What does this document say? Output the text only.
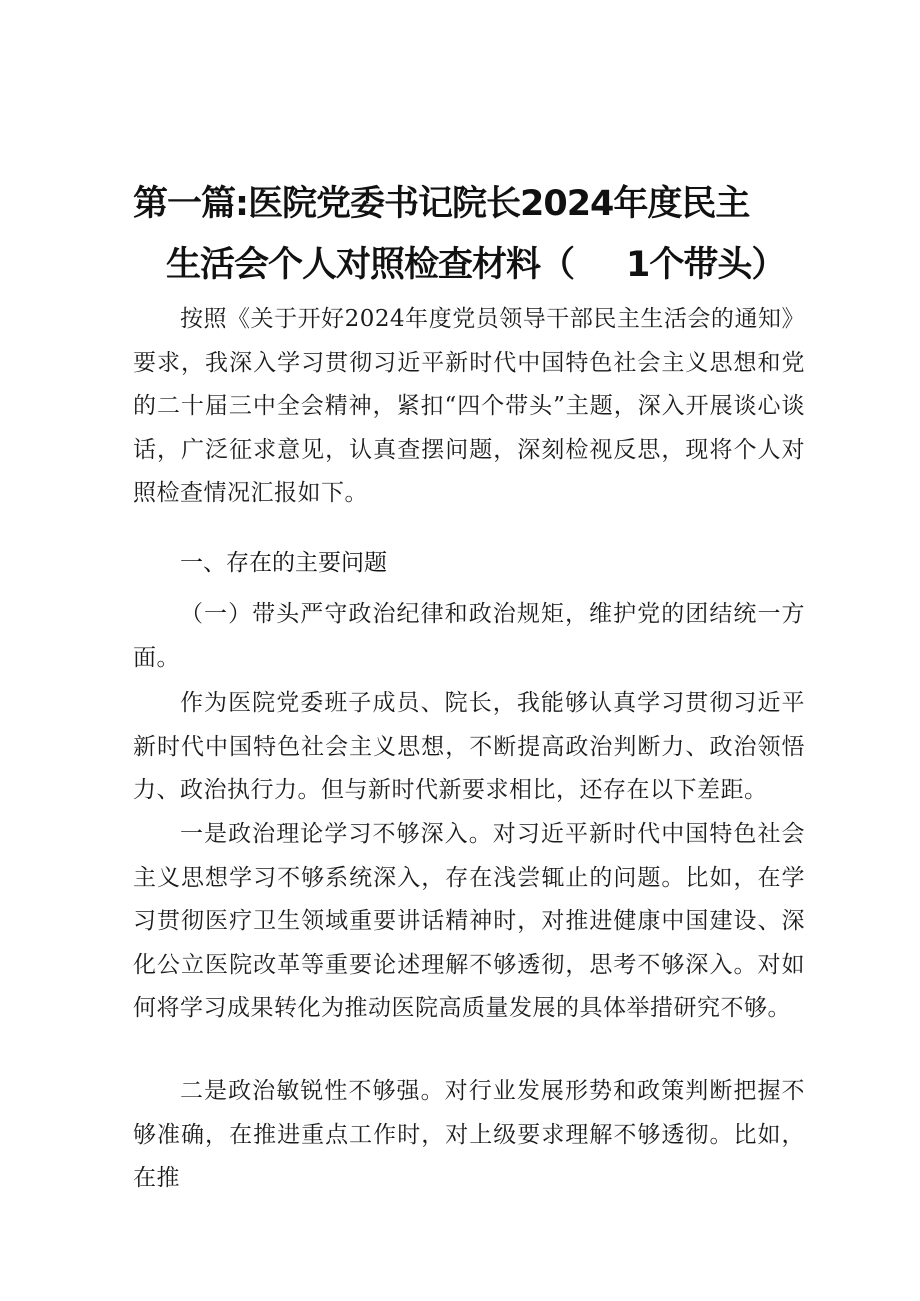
第一篇:医院党委书记院长2024年度民主
生活会个人对照检查材料（ 1个带头）

按照《关于开好2024年度党员领导干部民主生活会的通知》要求，我深入学习贯彻习近平新时代中国特色社会主义思想和党的二十届三中全会精神，紧扣“四个带头”主题，深入开展谈心谈话，广泛征求意见，认真查摆问题，深刻检视反思，现将个人对照检查情况汇报如下。

一、存在的主要问题

（一）带头严守政治纪律和政治规矩，维护党的团结统一方面。

作为医院党委班子成员、院长，我能够认真学习贯彻习近平新时代中国特色社会主义思想，不断提高政治判断力、政治领悟力、政治执行力。但与新时代新要求相比，还存在以下差距。

一是政治理论学习不够深入。对习近平新时代中国特色社会主义思想学习不够系统深入，存在浅尝辄止的问题。比如，在学习贯彻医疗卫生领域重要讲话精神时，对推进健康中国建设、深化公立医院改革等重要论述理解不够透彻，思考不够深入。对如何将学习成果转化为推动医院高质量发展的具体举措研究不够。

二是政治敏锐性不够强。对行业发展形势和政策判断把握不够准确，在推进重点工作时，对上级要求理解不够透彻。比如，在推
